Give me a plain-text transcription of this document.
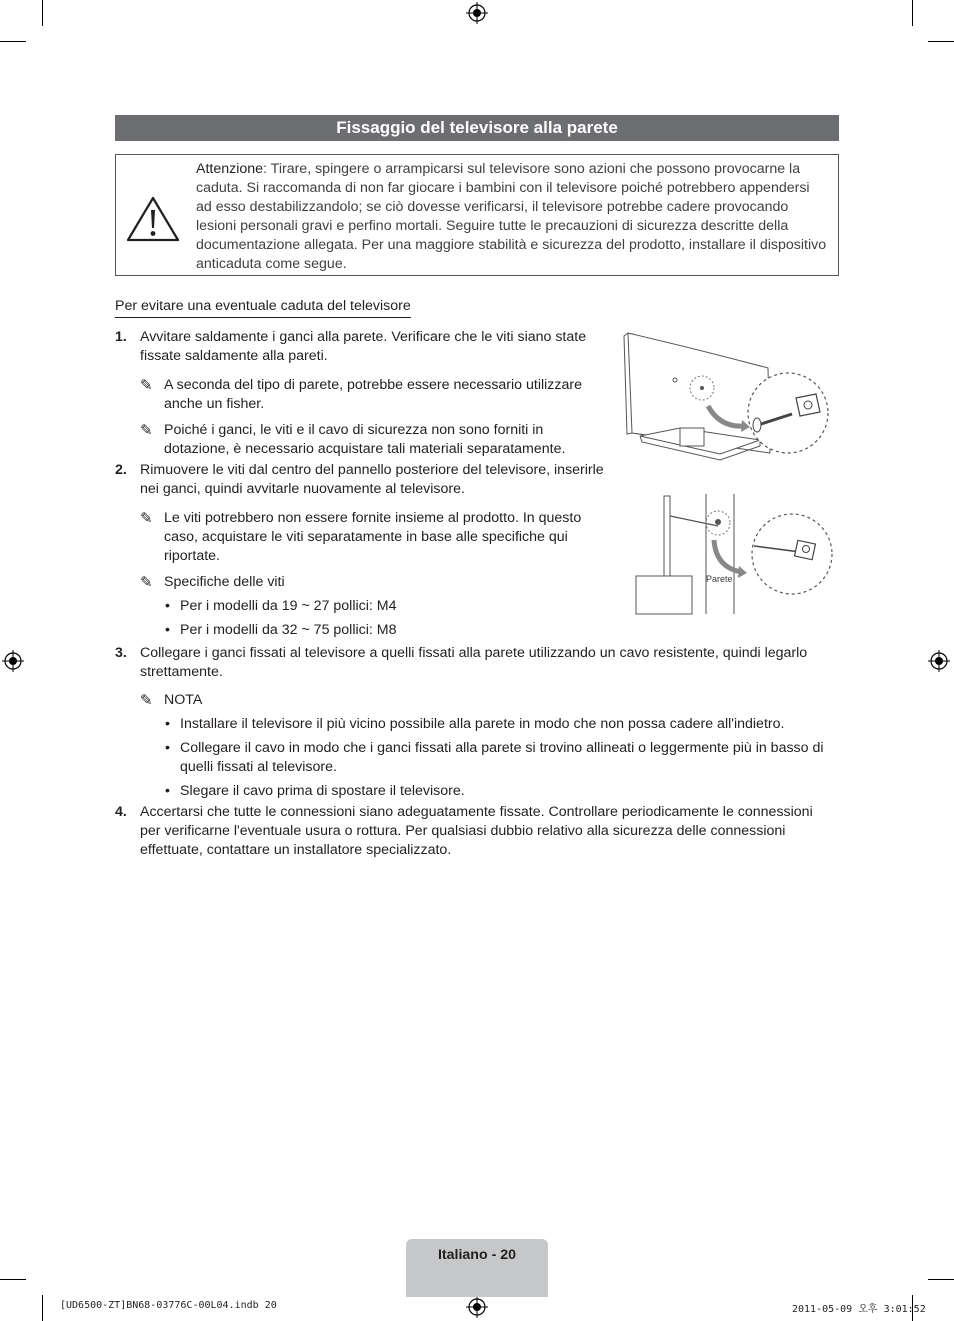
Fissaggio del televisore alla parete
Attenzione: Tirare, spingere o arrampicarsi sul televisore sono azioni che possono provocarne la caduta. Si raccomanda di non far giocare i bambini con il televisore poiché potrebbero appendersi ad esso destabilizzandolo; se ciò dovesse verificarsi, il televisore potrebbe cadere provocando lesioni personali gravi e perfino mortali. Seguire tutte le precauzioni di sicurezza descritte della documentazione allegata. Per una maggiore stabilità e sicurezza del prodotto, installare il dispositivo anticaduta come segue.
Per evitare una eventuale caduta del televisore
1. Avvitare saldamente i ganci alla parete. Verificare che le viti siano state fissate saldamente alla pareti.
✎ A seconda del tipo di parete, potrebbe essere necessario utilizzare anche un fisher.
✎ Poiché i ganci, le viti e il cavo di sicurezza non sono forniti in dotazione, è necessario acquistare tali materiali separatamente.
2. Rimuovere le viti dal centro del pannello posteriore del televisore, inserirle nei ganci, quindi avvitarle nuovamente al televisore.
✎ Le viti potrebbero non essere fornite insieme al prodotto. In questo caso, acquistare le viti separatamente in base alle specifiche qui riportate.
✎ Specifiche delle viti
• Per i modelli da 19 ~ 27 pollici: M4
• Per i modelli da 32 ~ 75 pollici: M8
3. Collegare i ganci fissati al televisore a quelli fissati alla parete utilizzando un cavo resistente, quindi legarlo strettamente.
✎ NOTA
• Installare il televisore il più vicino possibile alla parete in modo che non possa cadere all'indietro.
• Collegare il cavo in modo che i ganci fissati alla parete si trovino allineati o leggermente più in basso di quelli fissati al televisore.
• Slegare il cavo prima di spostare il televisore.
4. Accertarsi che tutte le connessioni siano adeguatamente fissate. Controllare periodicamente le connessioni per verificarne l'eventuale usura o rottura. Per qualsiasi dubbio relativo alla sicurezza delle connessioni effettuate, contattare un installatore specializzato.
Parete
Italiano - 20
[UD6500-ZT]BN68-03776C-00L04.indb 20	2011-05-09 오후 3:01:52
